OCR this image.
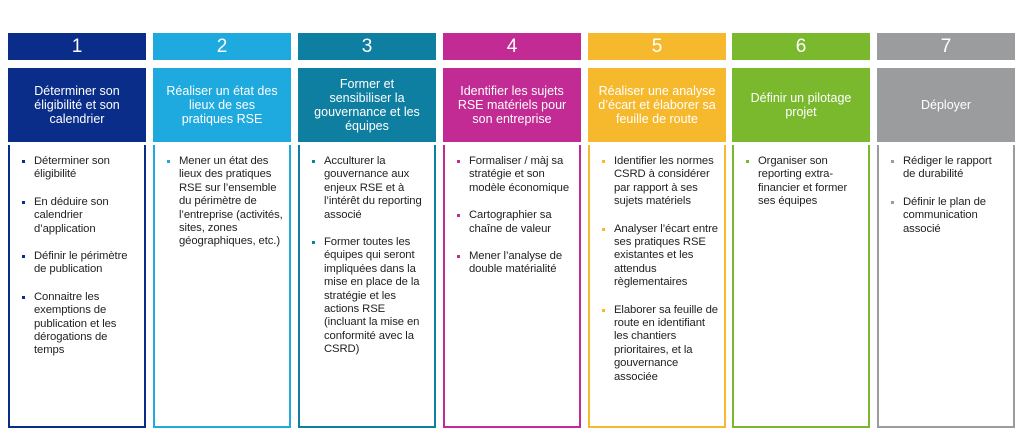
1
Déterminer son éligibilité et son calendrier
Déterminer son éligibilité
En déduire son calendrier d’application
Définir le périmètre de publication
Connaitre les exemptions de publication et les dérogations de temps
2
Réaliser un état des lieux de ses pratiques RSE
Mener un état des lieux des pratiques RSE sur l’ensemble du périmètre de l’entreprise (activités, sites, zones géographiques, etc.)
3
Former et sensibiliser la gouvernance et les équipes
Acculturer la gouvernance aux enjeux RSE et à l’intérêt du reporting associé
Former toutes les équipes qui seront impliquées dans la mise en place de la stratégie et les actions RSE (incluant la mise en conformité avec la CSRD)
4
Identifier les sujets RSE matériels pour son entreprise
Formaliser / màj sa stratégie et son modèle économique
Cartographier sa chaîne de valeur
Mener l’analyse de double matérialité
5
Réaliser une analyse d’écart et élaborer sa feuille de route
Identifier les normes CSRD à considérer par rapport à ses sujets matériels
Analyser l’écart entre ses pratiques RSE existantes et les attendus règlementaires
Elaborer sa feuille de route en identifiant les chantiers prioritaires, et la gouvernance associée
6
Définir un pilotage projet
Organiser son reporting extra-financier et former ses équipes
7
Déployer
Rédiger le rapport de durabilité
Définir le plan de communication associé
